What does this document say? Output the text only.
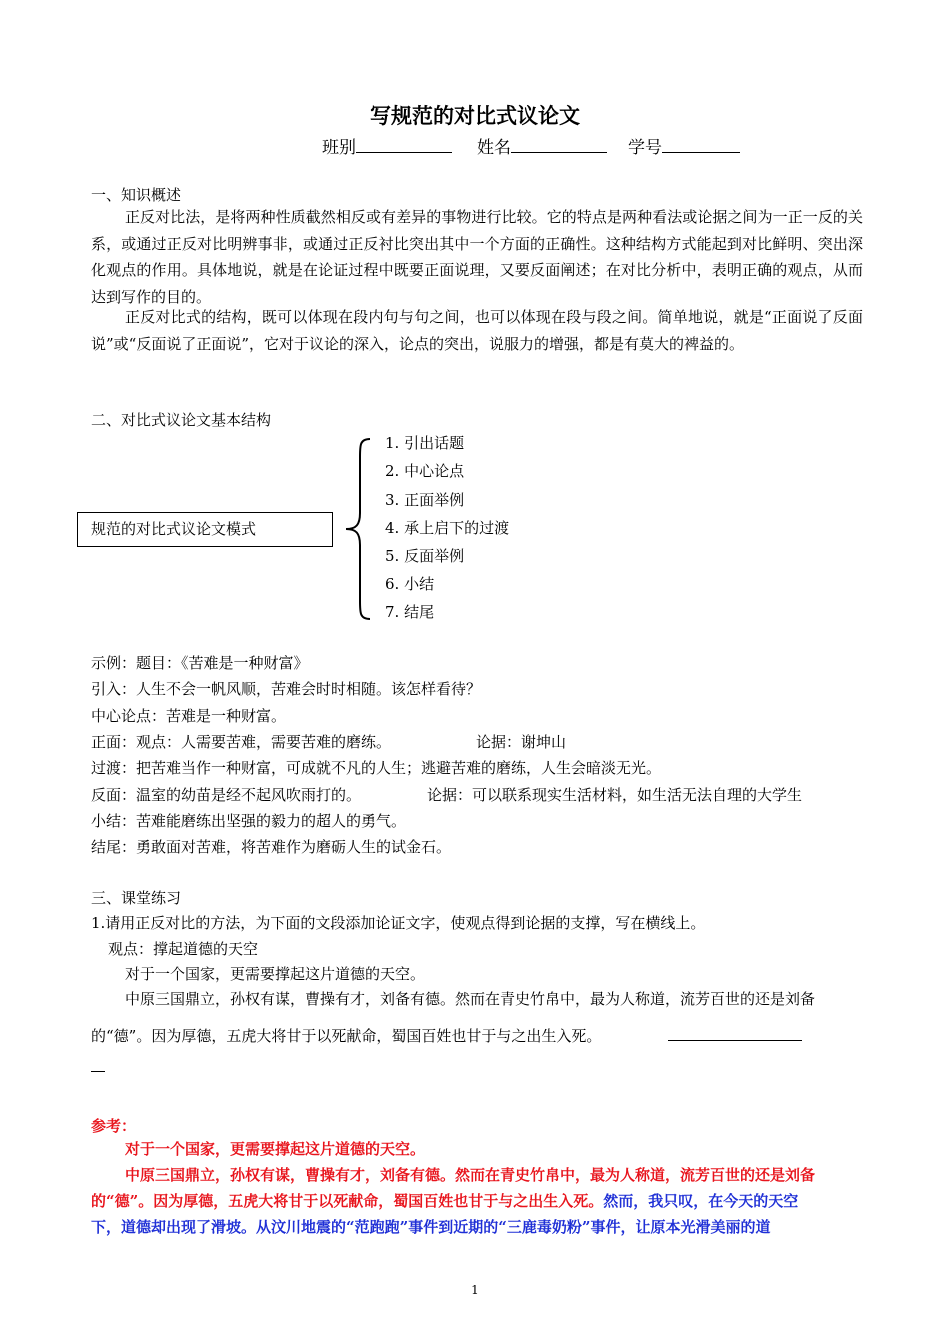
写规范的对比式议论文
班别	姓名	学号
一、知识概述
正反对比法，是将两种性质截然相反或有差异的事物进行比较。它的特点是两种看法或论据之间为一正一反的关系，或通过正反对比明辨事非，或通过正反衬比突出其中一个方面的正确性。这种结构方式能起到对比鲜明、突出深化观点的作用。具体地说，就是在论证过程中既要正面说理，又要反面阐述；在对比分析中，表明正确的观点，从而达到写作的目的。
正反对比式的结构，既可以体现在段内句与句之间，也可以体现在段与段之间。简单地说，就是“正面说了反面说”或“反面说了正面说”，它对于议论的深入，论点的突出，说服力的增强，都是有莫大的裨益的。
二、对比式议论文基本结构
规范的对比式议论文模式
1. 引出话题
2. 中心论点
3. 正面举例
4. 承上启下的过渡
5. 反面举例
6. 小结
7. 结尾
示例：题目：《苦难是一种财富》
引入：人生不会一帆风顺，苦难会时时相随。该怎样看待？
中心论点：苦难是一种财富。
正面：观点：人需要苦难，需要苦难的磨练。	论据：谢坤山
过渡：把苦难当作一种财富，可成就不凡的人生；逃避苦难的磨练，人生会暗淡无光。
反面：温室的幼苗是经不起风吹雨打的。	论据：可以联系现实生活材料，如生活无法自理的大学生
小结：苦难能磨练出坚强的毅力的超人的勇气。
结尾：勇敢面对苦难，将苦难作为磨砺人生的试金石。
三、课堂练习
1.请用正反对比的方法，为下面的文段添加论证文字，使观点得到论据的支撑，写在横线上。
观点：撑起道德的天空
对于一个国家，更需要撑起这片道德的天空。
中原三国鼎立，孙权有谋，曹操有才，刘备有德。然而在青史竹帛中，最为人称道，流芳百世的还是刘备
的“德”。因为厚德，五虎大将甘于以死献命，蜀国百姓也甘于与之出生入死。
参考：
对于一个国家，更需要撑起这片道德的天空。
中原三国鼎立，孙权有谋，曹操有才，刘备有德。然而在青史竹帛中，最为人称道，流芳百世的还是刘备
的“德”。因为厚德，五虎大将甘于以死献命，蜀国百姓也甘于与之出生入死。然而，我只叹，在今天的天空
下，道德却出现了滑坡。从汶川地震的“范跑跑”事件到近期的“三鹿毒奶粉”事件，让原本光滑美丽的道
1
